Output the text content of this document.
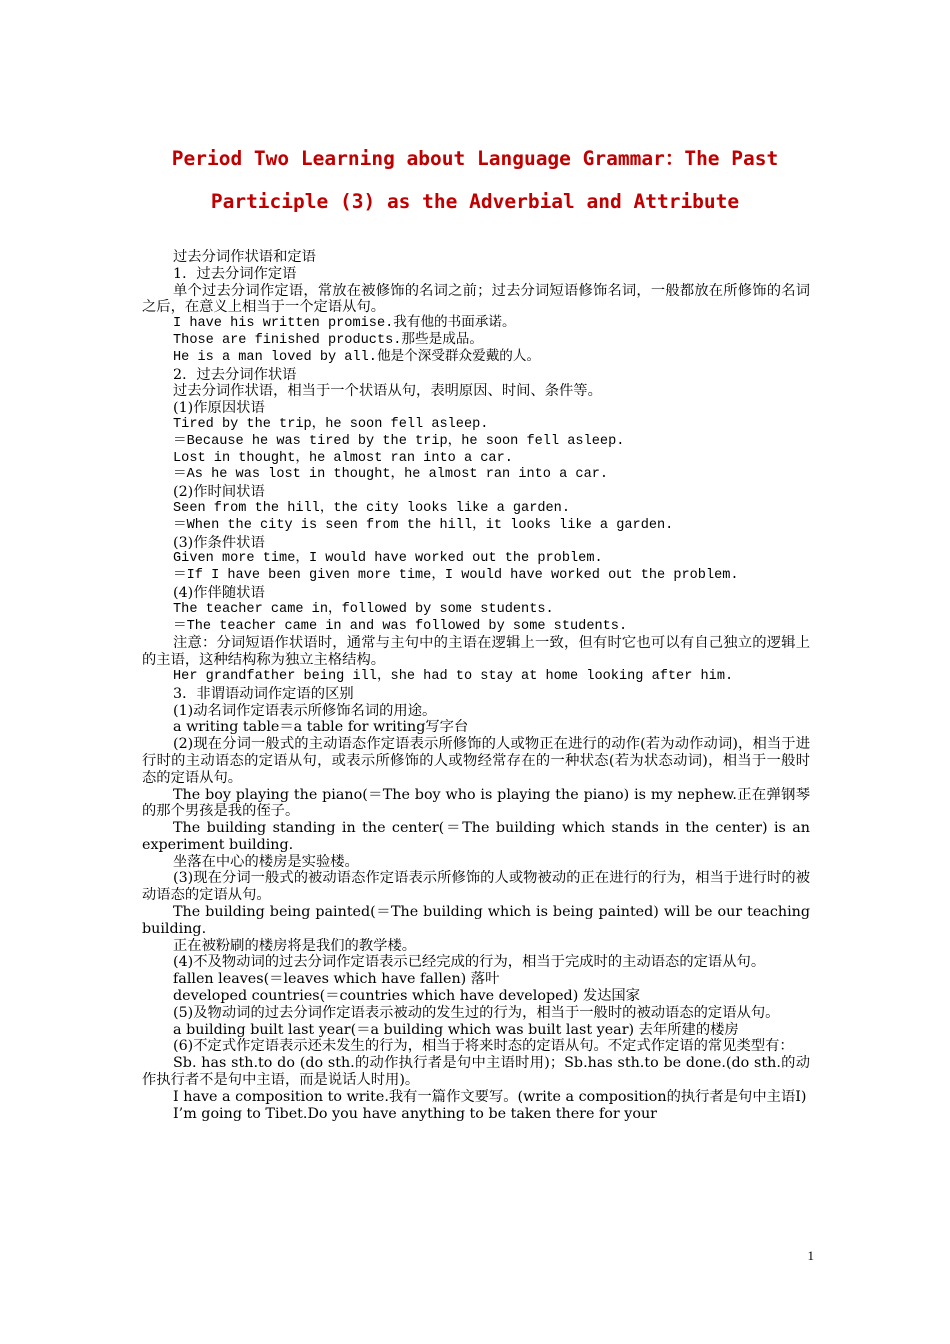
Period Two Learning about Language Grammar：The Past
Participle (3) as the Adverbial and Attribute

过去分词作状语和定语

1．过去分词作定语

单个过去分词作定语，常放在被修饰的名词之前；过去分词短语修饰名词，一般都放在所修饰的名词之后，在意义上相当于一个定语从句。

I have his written promise.我有他的书面承诺。

Those are finished products.那些是成品。

He is a man loved by all.他是个深受群众爱戴的人。

2．过去分词作状语

过去分词作状语，相当于一个状语从句，表明原因、时间、条件等。

(1)作原因状语

Tired by the trip，he soon fell asleep.

＝Because he was tired by the trip，he soon fell asleep.

Lost in thought，he almost ran into a car.

＝As he was lost in thought，he almost ran into a car.

(2)作时间状语

Seen from the hill，the city looks like a garden.

＝When the city is seen from the hill，it looks like a garden.

(3)作条件状语

Given more time，I would have worked out the problem.

＝If I have been given more time，I would have worked out the problem.

(4)作伴随状语

The teacher came in，followed by some students.

＝The teacher came in and was followed by some students.

注意：分词短语作状语时，通常与主句中的主语在逻辑上一致，但有时它也可以有自己独立的逻辑上的主语，这种结构称为独立主格结构。

Her grandfather being ill，she had to stay at home looking after him.

3．非谓语动词作定语的区别

(1)动名词作定语表示所修饰名词的用途。

a writing table＝a table for writing写字台

(2)现在分词一般式的主动语态作定语表示所修饰的人或物正在进行的动作(若为动作动词)，相当于进行时的主动语态的定语从句，或表示所修饰的人或物经常存在的一种状态(若为状态动词)，相当于一般时态的定语从句。

The boy playing the piano(＝The boy who is playing the piano) is my nephew.正在弹钢琴的那个男孩是我的侄子。

The building standing in the center(＝The building which stands in the center) is an experiment building.

坐落在中心的楼房是实验楼。

(3)现在分词一般式的被动语态作定语表示所修饰的人或物被动的正在进行的行为，相当于进行时的被动语态的定语从句。

The building being painted(＝The building which is being painted) will be our teaching building.

正在被粉刷的楼房将是我们的教学楼。

(4)不及物动词的过去分词作定语表示已经完成的行为，相当于完成时的主动语态的定语从句。

fallen leaves(＝leaves which have fallen) 落叶

developed countries(＝countries which have developed) 发达国家

(5)及物动词的过去分词作定语表示被动的发生过的行为，相当于一般时的被动语态的定语从句。

a building built last year(＝a building which was built last year) 去年所建的楼房

(6)不定式作定语表示还未发生的行为，相当于将来时态的定语从句。不定式作定语的常见类型有：

Sb. has sth.to do (do sth.的动作执行者是句中主语时用)；Sb.has sth.to be done.(do sth.的动作执行者不是句中主语，而是说话人时用)。

I have a composition to write.我有一篇作文要写。(write a composition的执行者是句中主语I)

I’m going to Tibet.Do you have anything to be taken there for your

1
